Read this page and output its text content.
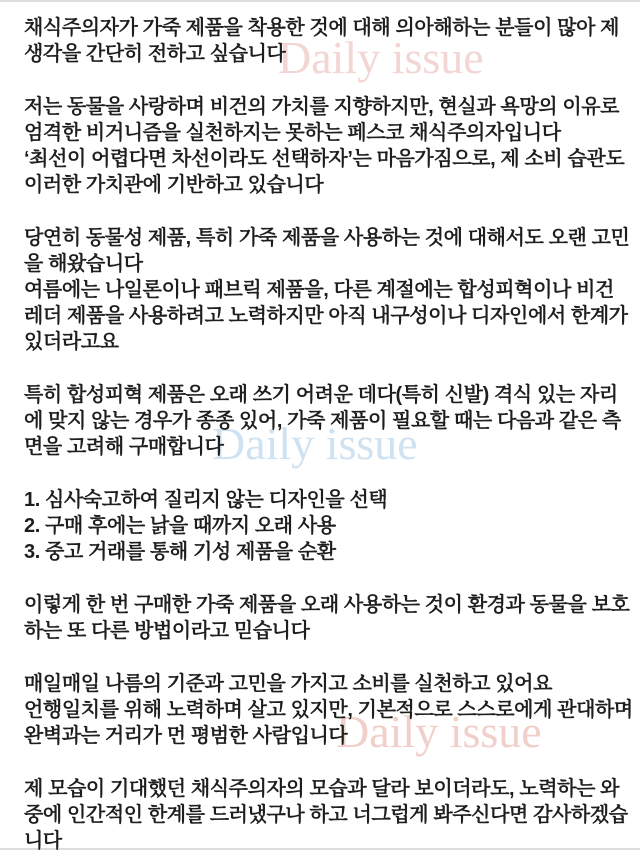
Daily issue
Daily issue
Daily issue

채식주의자가 가죽 제품을 착용한 것에 대해 의아해하는 분들이 많아 제
생각을 간단히 전하고 싶습니다

저는 동물을 사랑하며 비건의 가치를 지향하지만, 현실과 욕망의 이유로
엄격한 비거니즘을 실천하지는 못하는 페스코 채식주의자입니다
‘최선이 어렵다면 차선이라도 선택하자’는 마음가짐으로, 제 소비 습관도
이러한 가치관에 기반하고 있습니다

당연히 동물성 제품, 특히 가죽 제품을 사용하는 것에 대해서도 오랜 고민
을 해왔습니다
여름에는 나일론이나 패브릭 제품을, 다른 계절에는 합성피혁이나 비건
레더 제품을 사용하려고 노력하지만 아직 내구성이나 디자인에서 한계가
있더라고요

특히 합성피혁 제품은 오래 쓰기 어려운 데다(특히 신발) 격식 있는 자리
에 맞지 않는 경우가 종종 있어, 가죽 제품이 필요할 때는 다음과 같은 측
면을 고려해 구매합니다

1. 심사숙고하여 질리지 않는 디자인을 선택
2. 구매 후에는 낡을 때까지 오래 사용
3. 중고 거래를 통해 기성 제품을 순환

이렇게 한 번 구매한 가죽 제품을 오래 사용하는 것이 환경과 동물을 보호
하는 또 다른 방법이라고 믿습니다

매일매일 나름의 기준과 고민을 가지고 소비를 실천하고 있어요
언행일치를 위해 노력하며 살고 있지만, 기본적으로 스스로에게 관대하며
완벽과는 거리가 먼 평범한 사람입니다

제 모습이 기대했던 채식주의자의 모습과 달라 보이더라도, 노력하는 와
중에 인간적인 한계를 드러냈구나 하고 너그럽게 봐주신다면 감사하겠습
니다
